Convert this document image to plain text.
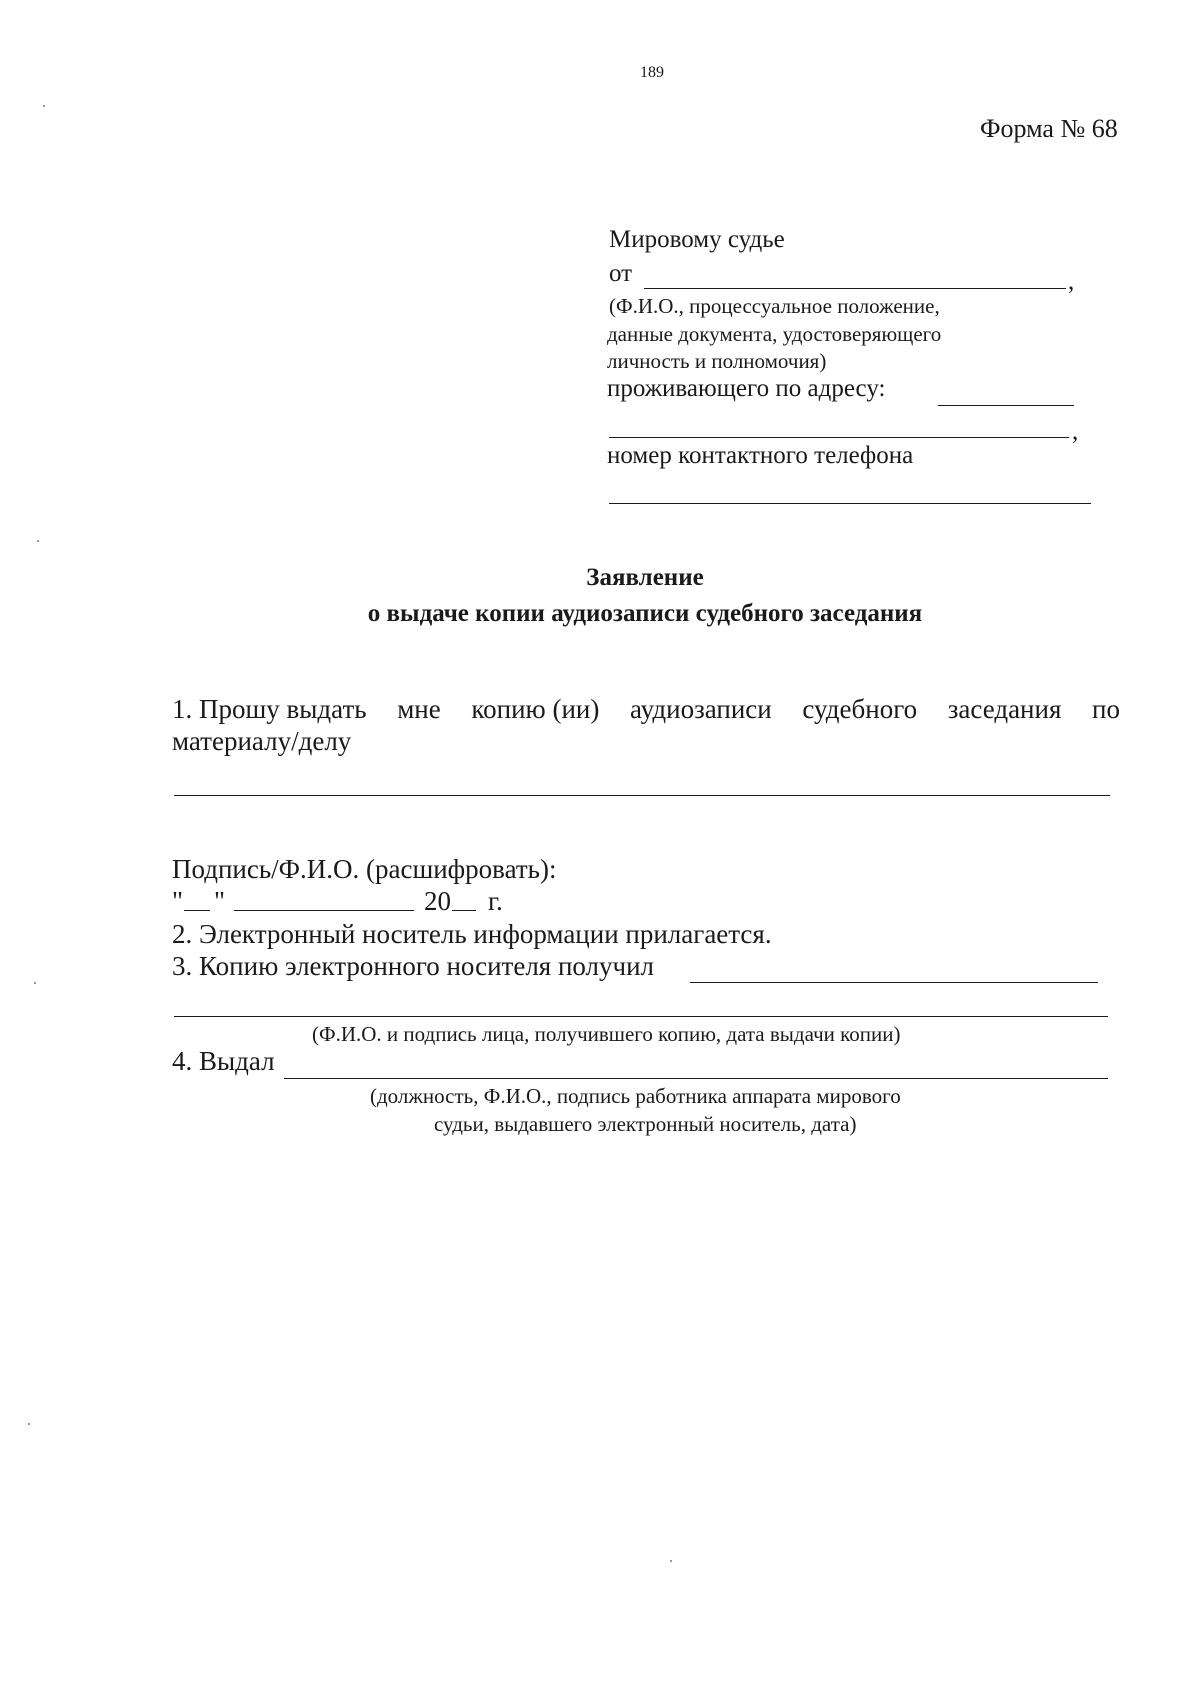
189
Форма № 68
Мировому судье
от	,
(Ф.И.О., процессуальное положение,
данные документа, удостоверяющего
личность и полномочия)
проживающего по адресу:
,
номер контактного телефона
Заявление
о выдаче копии аудиозаписи судебного заседания
1. Прошу выдать мне копию (ии) аудиозаписи судебного заседания по
материалу/делу
Подпись/Ф.И.О. (расшифровать):
" "	20 г.
2. Электронный носитель информации прилагается.
3. Копию электронного носителя получил
(Ф.И.О. и подпись лица, получившего копию, дата выдачи копии)
4. Выдал
(должность, Ф.И.О., подпись работника аппарата мирового
судьи, выдавшего электронный носитель, дата)
